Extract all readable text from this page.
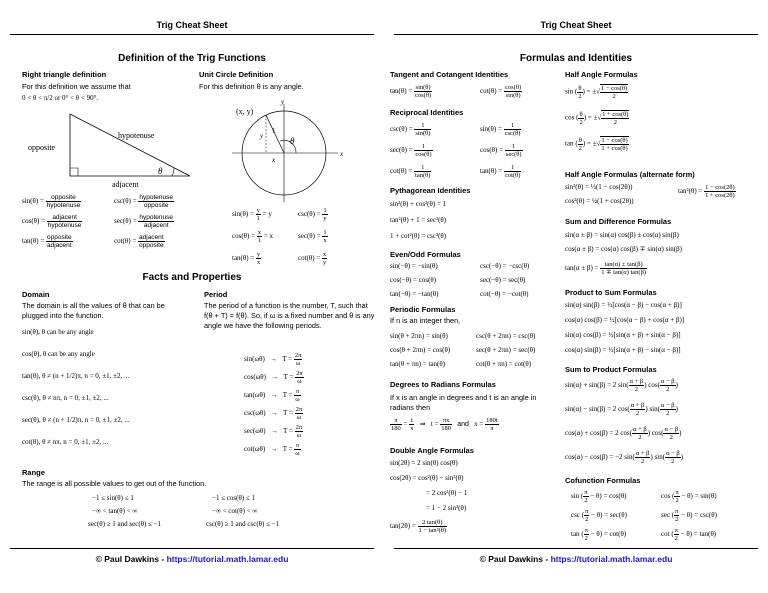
Trig Cheat Sheet
Definition of the Trig Functions
Right triangle definition
For this definition we assume that
0 < θ < π/2 or 0° < θ < 90°.
hypotenuse
opposite
adjacent
θ
$\sin(\theta) = \frac{\text{opposite}}{\text{hypotenuse}}$	$\csc(\theta) = \frac{\text{hypotenuse}}{\text{opposite}}$
$\cos(\theta) = \frac{\text{adjacent}}{\text{hypotenuse}}$	$\sec(\theta) = \frac{\text{hypotenuse}}{\text{adjacent}}$
$\tan(\theta) = \frac{\text{opposite}}{\text{adjacent}}$	$\cot(\theta) = \frac{\text{adjacent}}{\text{opposite}}$
Unit Circle Definition
For this definition θ is any angle.
(x, y)
x
y
1
y
x
θ
$\sin(\theta) = \frac{y}{1} = y$	$\csc(\theta) = \frac{1}{y}$
$\cos(\theta) = \frac{x}{1} = x$	$\sec(\theta) = \frac{1}{x}$
$\tan(\theta) = \frac{y}{x}$	$\cot(\theta) = \frac{x}{y}$
Facts and Properties
Domain
The domain is all the values of θ that can be plugged into the function.
sin(θ), θ can be any angle
cos(θ), θ can be any angle
tan(θ), θ ≠ (n + 1/2)π, n = 0, ±1, ±2, ...
csc(θ), θ ≠ nπ, n = 0, ±1, ±2, ...
sec(θ), θ ≠ (n + 1/2)π, n = 0, ±1, ±2, ...
cot(θ), θ ≠ nπ, n = 0, ±1, ±2, ...
Period
The period of a function is the number, T, such that f(θ + T) = f(θ). So, if ω is a fixed number and θ is any angle we have the following periods.
$\sin(\omega\theta) \to T = \frac{2\pi}{\omega}$
$\cos(\omega\theta) \to T = \frac{2\pi}{\omega}$
$\tan(\omega\theta) \to T = \frac{\pi}{\omega}$
$\csc(\omega\theta) \to T = \frac{2\pi}{\omega}$
$\sec(\omega\theta) \to T = \frac{2\pi}{\omega}$
$\cot(\omega\theta) \to T = \frac{\pi}{\omega}$
Range
The range is all possible values to get out of the function.
−1 ≤ sin(θ) ≤ 1	−1 ≤ cos(θ) ≤ 1
−∞ < tan(θ) < ∞	−∞ < cot(θ) < ∞
sec(θ) ≥ 1 and sec(θ) ≤ −1	csc(θ) ≥ 1 and csc(θ) ≤ −1
© Paul Dawkins - https://tutorial.math.lamar.edu
Trig Cheat Sheet
Formulas and Identities
Tangent and Cotangent Identities
$\tan(\theta) = \frac{\sin(\theta)}{\cos(\theta)}$	$\cot(\theta) = \frac{\cos(\theta)}{\sin(\theta)}$
Reciprocal Identities
$\csc(\theta) = \frac{1}{\sin(\theta)}$	$\sin(\theta) = \frac{1}{\csc(\theta)}$
$\sec(\theta) = \frac{1}{\cos(\theta)}$	$\cos(\theta) = \frac{1}{\sec(\theta)}$
$\cot(\theta) = \frac{1}{\tan(\theta)}$	$\tan(\theta) = \frac{1}{\cot(\theta)}$
Pythagorean Identities
sin²(θ) + cos²(θ) = 1
tan²(θ) + 1 = sec²(θ)
1 + cot²(θ) = csc²(θ)
Even/Odd Formulas
sin(−θ) = −sin(θ)	csc(−θ) = −csc(θ)
cos(−θ) = cos(θ)	sec(−θ) = sec(θ)
tan(−θ) = −tan(θ)	cot(−θ) = −cot(θ)
Periodic Formulas
If n is an integer then,
sin(θ + 2πn) = sin(θ)	csc(θ + 2πn) = csc(θ)
cos(θ + 2πn) = cos(θ)	sec(θ + 2πn) = sec(θ)
tan(θ + πn) = tan(θ)	cot(θ + πn) = cot(θ)
Degrees to Radians Formulas
If x is an angle in degrees and t is an angle in radians then
$\frac{\pi}{180} = \frac{t}{x}$ ⇒ $t = \frac{\pi x}{180}$ and $x = \frac{180t}{\pi}$
Double Angle Formulas
sin(2θ) = 2 sin(θ) cos(θ)
cos(2θ) = cos²(θ) − sin²(θ)
= 2 cos²(θ) − 1
= 1 − 2 sin²(θ)
$\tan(2\theta) = \frac{2 \tan(\theta)}{\text{1 − tan²(θ)}}$
Half Angle Formulas
sin ( $\frac{\theta}{2}$ ) = ±√ $\frac{1 - \cos(\theta)}{2}$
cos ( $\frac{\theta}{2}$ ) = ±√ $\frac{1 + \cos(\theta)}{2}$
tan ( $\frac{\theta}{2}$ ) = ±√ $\frac{1 - \cos(\theta)}{1 + \cos(\theta)}$
Half Angle Formulas (alternate form)
sin²(θ) = ½(1 − cos(2θ))
cos²(θ) = ½(1 + cos(2θ))
$\tan^2(\theta) = \frac{1 - \cos(2\theta)}{1 + \cos(2\theta)}$
Sum and Difference Formulas
sin(α ± β) = sin(α) cos(β) ± cos(α) sin(β)
cos(α ± β) = cos(α) cos(β) ∓ sin(α) sin(β)
$\tan(\alpha \pm \beta) = \frac{\tan(\alpha) \pm \tan(\beta)}{1 \mp \tan(\alpha) \tan(\beta)}$
Product to Sum Formulas
sin(α) sin(β) = ½[cos(α − β) − cos(α + β)]
cos(α) cos(β) = ½[cos(α − β) + cos(α + β)]
sin(α) cos(β) = ½[sin(α + β) + sin(α − β)]
cos(α) sin(β) = ½[sin(α + β) − sin(α − β)]
Sum to Product Formulas
sin(α) + sin(β) = 2 $\sin( \frac{\alpha + \beta}{2}$ ) $\cos( \frac{\alpha - \beta}{2}$ )
sin(α) − sin(β) = 2 $\cos( \frac{\alpha + \beta}{2}$ ) $\sin( \frac{\alpha - \beta}{2}$ )
cos(α) + cos(β) = 2 $\cos( \frac{\alpha + \beta}{2}$ ) $\cos( \frac{\alpha - \beta}{2}$ )
cos(α) − cos(β) = −2 $\sin( \frac{\alpha + \beta}{2}$ ) $\sin( \frac{\alpha - \beta}{2}$ )
Cofunction Formulas
sin ( $\frac{\pi}{2} - \theta) = \cos(\theta)$	cos ( $\frac{\pi}{2} - \theta) = \sin(\theta)$
csc ( $\frac{\pi}{2} - \theta) = \sec(\theta)$	sec ( $\frac{\pi}{2} - \theta) = \csc(\theta)$
tan ( $\frac{\pi}{2} - \theta) = \cot(\theta)$	cot ( $\frac{\pi}{2} - \theta) = \tan(\theta)$
© Paul Dawkins - https://tutorial.math.lamar.edu
